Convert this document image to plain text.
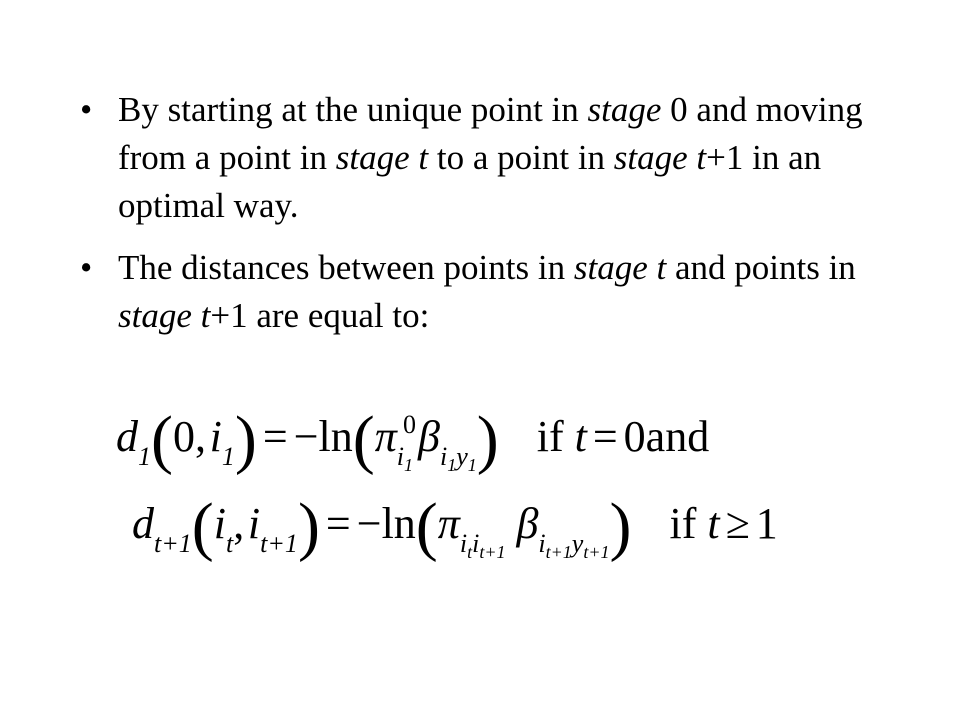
• By starting at the unique point in stage 0 and moving from a point in stage t to a point in stage t+1 in an optimal way.
• The distances between points in stage t and points in stage t+1 are equal to:
$d_1(0$, $i_1) = -\ln(\pi_{i_1}^0\beta_{i_1y_1})$ if t = 0and
$d_{t+1}(i_t$, $i_{t+1}) = -\ln(\pi_{i_ti_{t+1}}$ $\beta_{i_{t+1}y_{t+1}}$) if t ≥ 1
